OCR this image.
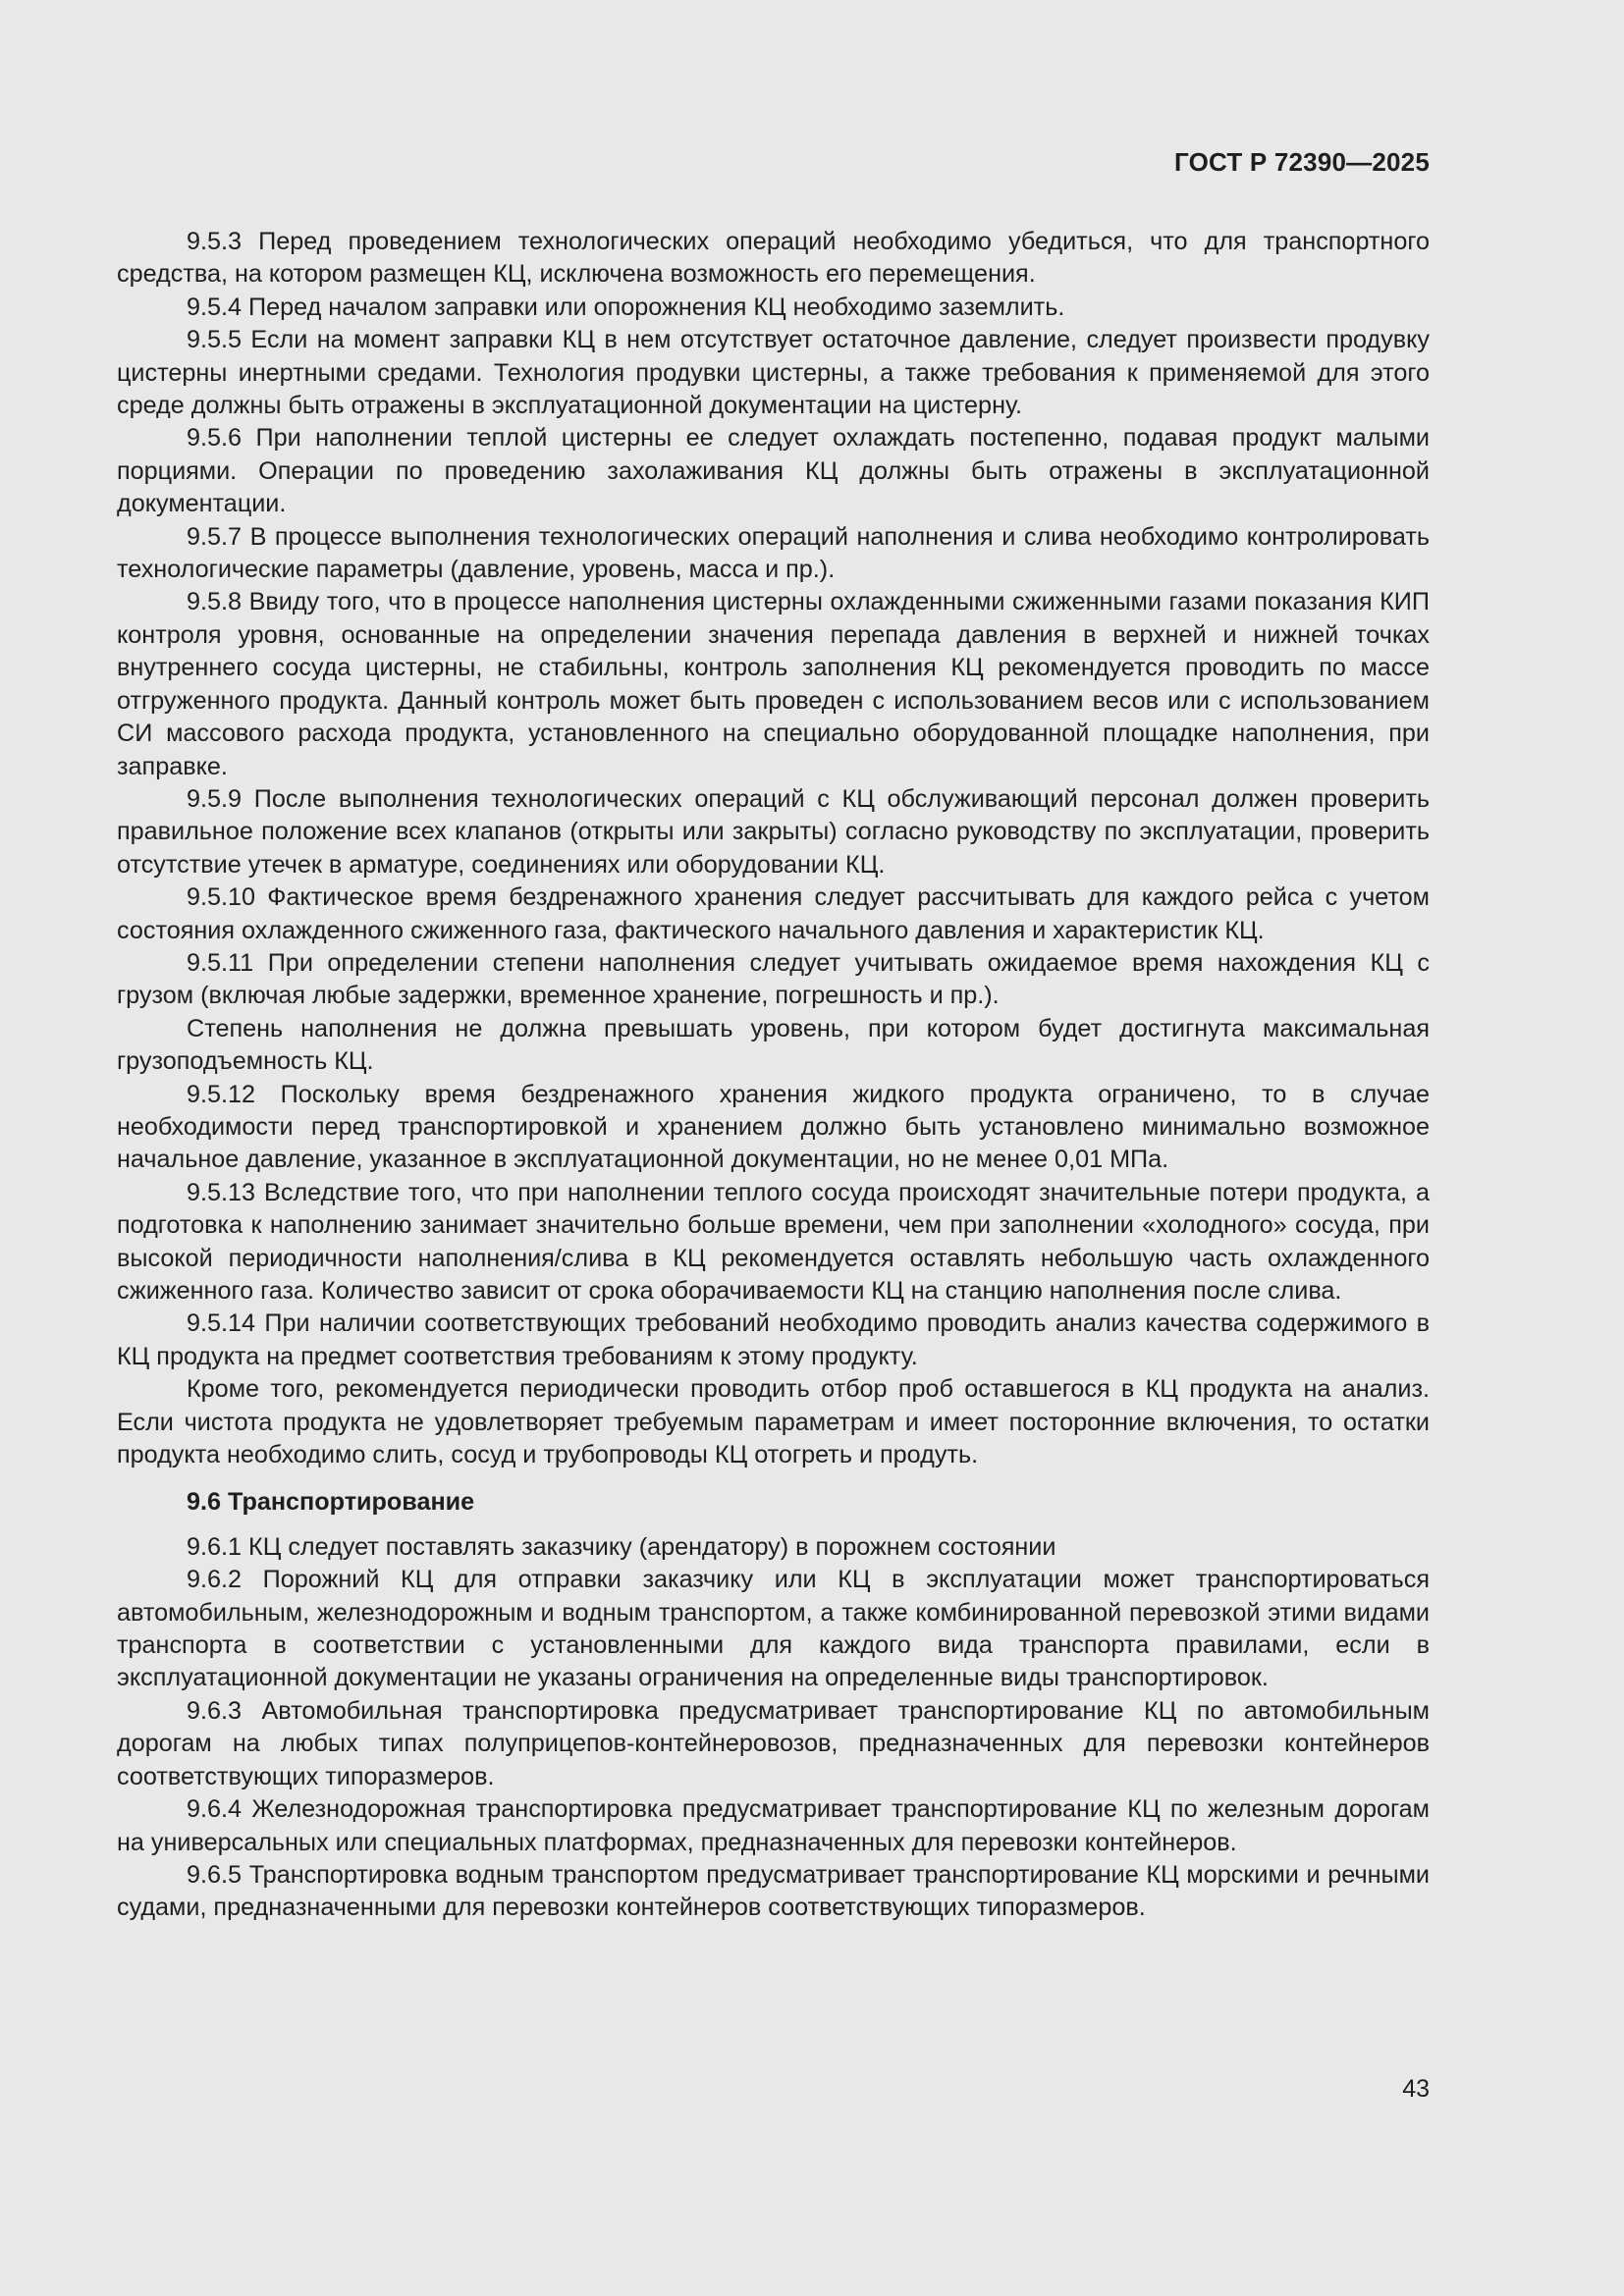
ГОСТ Р 72390—2025

9.5.3 Перед проведением технологических операций необходимо убедиться, что для транспортного средства, на котором размещен КЦ, исключена возможность его перемещения.

9.5.4 Перед началом заправки или опорожнения КЦ необходимо заземлить.

9.5.5 Если на момент заправки КЦ в нем отсутствует остаточное давление, следует произвести продувку цистерны инертными средами. Технология продувки цистерны, а также требования к применяемой для этого среде должны быть отражены в эксплуатационной документации на цистерну.

9.5.6 При наполнении теплой цистерны ее следует охлаждать постепенно, подавая продукт малыми порциями. Операции по проведению захолаживания КЦ должны быть отражены в эксплуатационной документации.

9.5.7 В процессе выполнения технологических операций наполнения и слива необходимо контролировать технологические параметры (давление, уровень, масса и пр.).

9.5.8 Ввиду того, что в процессе наполнения цистерны охлажденными сжиженными газами показания КИП контроля уровня, основанные на определении значения перепада давления в верхней и нижней точках внутреннего сосуда цистерны, не стабильны, контроль заполнения КЦ рекомендуется проводить по массе отгруженного продукта. Данный контроль может быть проведен с использованием весов или с использованием СИ массового расхода продукта, установленного на специально оборудованной площадке наполнения, при заправке.

9.5.9 После выполнения технологических операций с КЦ обслуживающий персонал должен проверить правильное положение всех клапанов (открыты или закрыты) согласно руководству по эксплуатации, проверить отсутствие утечек в арматуре, соединениях или оборудовании КЦ.

9.5.10 Фактическое время бездренажного хранения следует рассчитывать для каждого рейса с учетом состояния охлажденного сжиженного газа, фактического начального давления и характеристик КЦ.

9.5.11 При определении степени наполнения следует учитывать ожидаемое время нахождения КЦ с грузом (включая любые задержки, временное хранение, погрешность и пр.).

Степень наполнения не должна превышать уровень, при котором будет достигнута максимальная грузоподъемность КЦ.

9.5.12 Поскольку время бездренажного хранения жидкого продукта ограничено, то в случае необходимости перед транспортировкой и хранением должно быть установлено минимально возможное начальное давление, указанное в эксплуатационной документации, но не менее 0,01 МПа.

9.5.13 Вследствие того, что при наполнении теплого сосуда происходят значительные потери продукта, а подготовка к наполнению занимает значительно больше времени, чем при заполнении «холодного» сосуда, при высокой периодичности наполнения/слива в КЦ рекомендуется оставлять небольшую часть охлажденного сжиженного газа. Количество зависит от срока оборачиваемости КЦ на станцию наполнения после слива.

9.5.14 При наличии соответствующих требований необходимо проводить анализ качества содержимого в КЦ продукта на предмет соответствия требованиям к этому продукту.

Кроме того, рекомендуется периодически проводить отбор проб оставшегося в КЦ продукта на анализ. Если чистота продукта не удовлетворяет требуемым параметрам и имеет посторонние включения, то остатки продукта необходимо слить, сосуд и трубопроводы КЦ отогреть и продуть.

9.6 Транспортирование

9.6.1 КЦ следует поставлять заказчику (арендатору) в порожнем состоянии

9.6.2 Порожний КЦ для отправки заказчику или КЦ в эксплуатации может транспортироваться автомобильным, железнодорожным и водным транспортом, а также комбинированной перевозкой этими видами транспорта в соответствии с установленными для каждого вида транспорта правилами, если в эксплуатационной документации не указаны ограничения на определенные виды транспортировок.

9.6.3 Автомобильная транспортировка предусматривает транспортирование КЦ по автомобильным дорогам на любых типах полуприцепов-контейнеровозов, предназначенных для перевозки контейнеров соответствующих типоразмеров.

9.6.4 Железнодорожная транспортировка предусматривает транспортирование КЦ по железным дорогам на универсальных или специальных платформах, предназначенных для перевозки контейнеров.

9.6.5 Транспортировка водным транспортом предусматривает транспортирование КЦ морскими и речными судами, предназначенными для перевозки контейнеров соответствующих типоразмеров.

43
